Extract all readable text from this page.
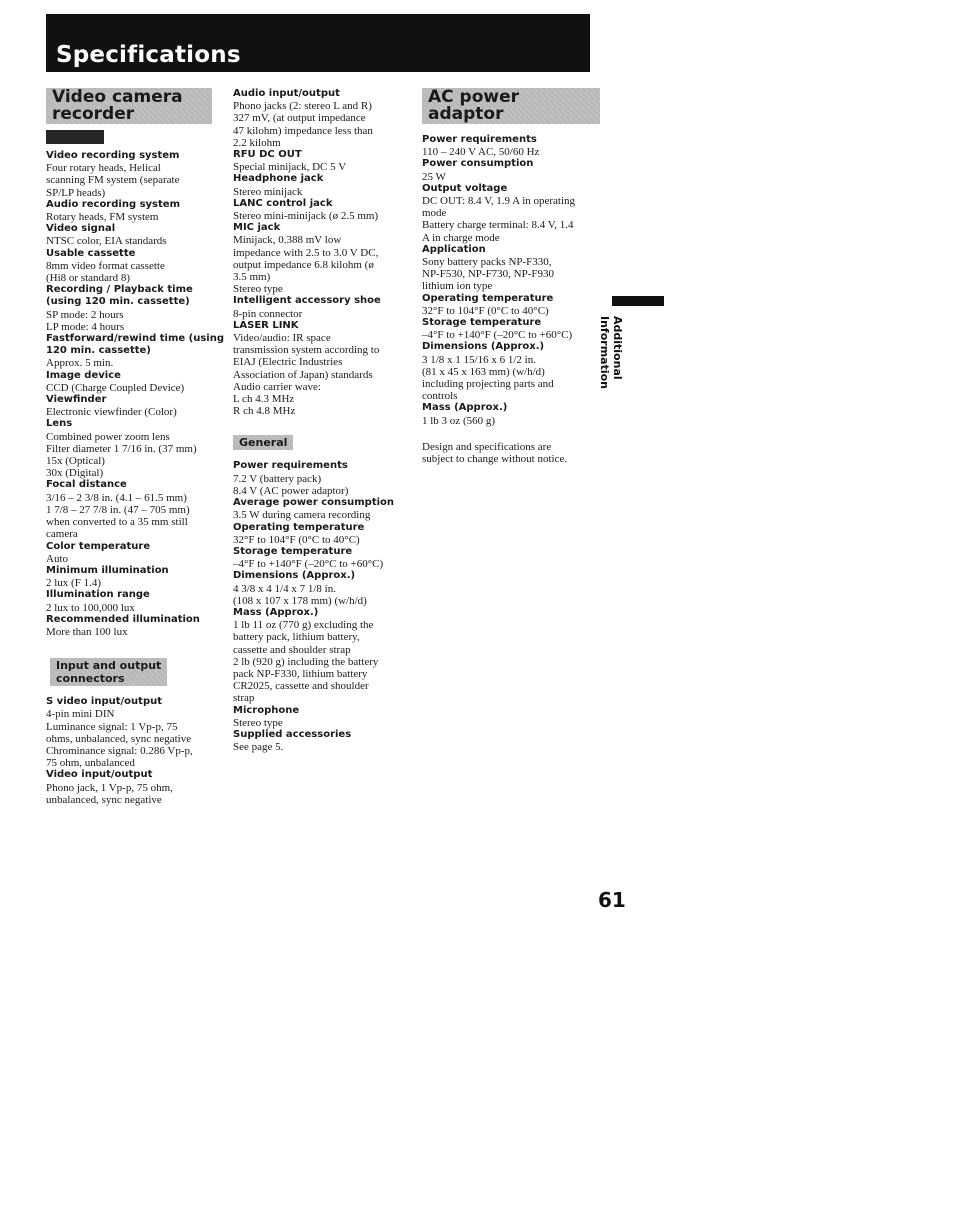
Specifications
Video camera recorder
Video recording system
Four rotary heads, Helical
scanning FM system (separate
SP/LP heads)
Audio recording system
Rotary heads, FM system
Video signal
NTSC color, EIA standards
Usable cassette
8mm video format cassette
(Hi8 or standard 8)
Recording / Playback time
(using 120 min. cassette)
SP mode: 2 hours
LP mode: 4 hours
Fastforward/rewind time (using
120 min. cassette)
Approx. 5 min.
Image device
CCD (Charge Coupled Device)
Viewfinder
Electronic viewfinder (Color)
Lens
Combined power zoom lens
Filter diameter 1 7/16 in. (37 mm)
15x (Optical)
30x (Digital)
Focal distance
3/16 – 2 3/8 in. (4.1 – 61.5 mm)
1 7/8 – 27 7/8 in. (47 – 705 mm)
when converted to a 35 mm still
camera
Color temperature
Auto
Minimum illumination
2 lux (F 1.4)
Illumination range
2 lux to 100,000 lux
Recommended illumination
More than 100 lux
Input and output
connectors
S video input/output
4-pin mini DIN
Luminance signal: 1 Vp-p, 75
ohms, unbalanced, sync negative
Chrominance signal: 0.286 Vp-p,
75 ohm, unbalanced
Video input/output
Phono jack, 1 Vp-p, 75 ohm,
unbalanced, sync negative
Audio input/output
Phono jacks (2: stereo L and R)
327 mV, (at output impedance
47 kilohm) impedance less than
2.2 kilohm
RFU DC OUT
Special minijack, DC 5 V
Headphone jack
Stereo minijack
LANC control jack
Stereo mini-minijack (ø 2.5 mm)
MIC jack
Minijack, 0.388 mV low
impedance with 2.5 to 3.0 V DC,
output impedance 6.8 kilohm (ø
3.5 mm)
Stereo type
Intelligent accessory shoe
8-pin connector
LASER LINK
Video/audio: IR space
transmission system according to
EIAJ (Electric Industries
Association of Japan) standards
Audio carrier wave:
L ch 4.3 MHz
R ch 4.8 MHz
General
Power requirements
7.2 V (battery pack)
8.4 V (AC power adaptor)
Average power consumption
3.5 W during camera recording
Operating temperature
32°F to 104°F (0°C to 40°C)
Storage temperature
–4°F to +140°F (–20°C to +60°C)
Dimensions (Approx.)
4 3/8 x 4 1/4 x 7 1/8 in.
(108 x 107 x 178 mm) (w/h/d)
Mass (Approx.)
1 lb 11 oz (770 g) excluding the
battery pack, lithium battery,
cassette and shoulder strap
2 lb (920 g) including the battery
pack NP-F330, lithium battery
CR2025, cassette and shoulder
strap
Microphone
Stereo type
Supplied accessories
See page 5.
AC power adaptor
Power requirements
110 – 240 V AC, 50/60 Hz
Power consumption
25 W
Output voltage
DC OUT: 8.4 V, 1.9 A in operating
mode
Battery charge terminal: 8.4 V, 1.4
A in charge mode
Application
Sony battery packs NP-F330,
NP-F530, NP-F730, NP-F930
lithium ion type
Operating temperature
32°F to 104°F (0°C to 40°C)
Storage temperature
–4°F to +140°F (–20°C to +60°C)
Dimensions (Approx.)
3 1/8 x 1 15/16 x 6 1/2 in.
(81 x 45 x 163 mm) (w/h/d)
including projecting parts and
controls
Mass (Approx.)
1 lb 3 oz (560 g)
Design and specifications are
subject to change without notice.
Additional Information
61
